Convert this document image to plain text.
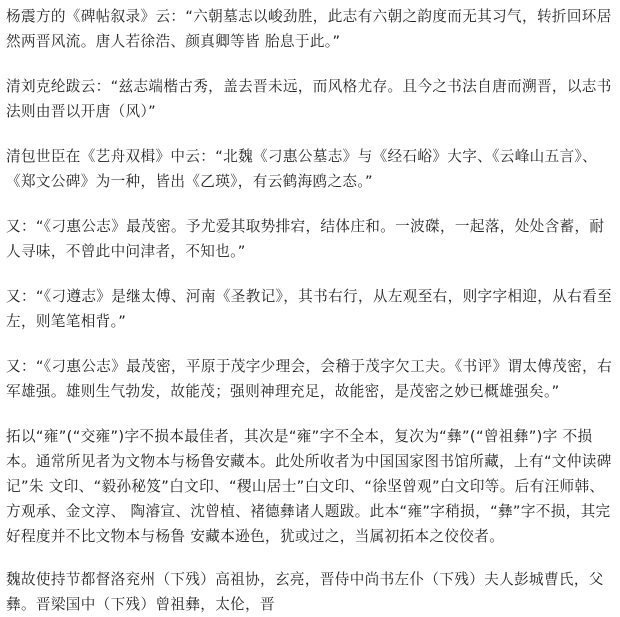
杨震方的《碑帖叙录》云：“六朝墓志以峻劲胜，此志有六朝之韵度而无其习气，转折回环居然两晋风流。唐人若徐浩、颜真卿等皆 胎息于此。”

清刘克纶跋云：“兹志端楷古秀，盖去晋未远，而风格尤存。且今之书法自唐而溯晋，以志书法则由晋以开唐（风）”

清包世臣在《艺舟双楫》中云：“北魏《刁惠公墓志》与《经石峪》大字、《云峰山五言》、《郑文公碑》为一种，皆出《乙瑛》，有云鹤海鸥之态。”

又：“《刁惠公志》最茂密。予尤爱其取势排宕，结体庄和。一波磔，一起落，处处含蓄，耐人寻味，不曾此中问津者，不知也。”

又：“《刁遵志》是继太傅、河南《圣教记》，其书右行，从左观至右，则字字相迎，从右看至左，则笔笔相背。”

又：“《刁惠公志》最茂密，平原于茂字少理会，会稽于茂字欠工夫。《书评》谓太傅茂密，右军雄强。雄则生气勃发，故能茂；强则神理充足，故能密，是茂密之妙已概雄强矣。”

拓以“雍”(“交雍”)字不损本最佳者，其次是“雍”字不全本，复次为“彝”(“曾祖彝”)字 不损本。通常所见者为文物本与杨鲁安藏本。此处所收者为中国国家图书馆所藏，上有“文仲读碑记”朱 文印、“毅孙秘笈”白文印、“稷山居士”白文印、“徐坚曾观”白文印等。后有汪师韩、方观承、金文淳、 陶濬宣、沈曾植、褚德彝诸人题跋。此本“雍”字稍损，“彝”字不损，其完好程度并不比文物本与杨鲁 安藏本逊色，犹或过之，当属初拓本之佼佼者。

魏故使持节都督洛兖州（下残）高祖协，玄亮，晋侍中尚书左仆（下残）夫人彭城曹氏，父彝。晋梁国中（下残）曾祖彝，太伦，晋
